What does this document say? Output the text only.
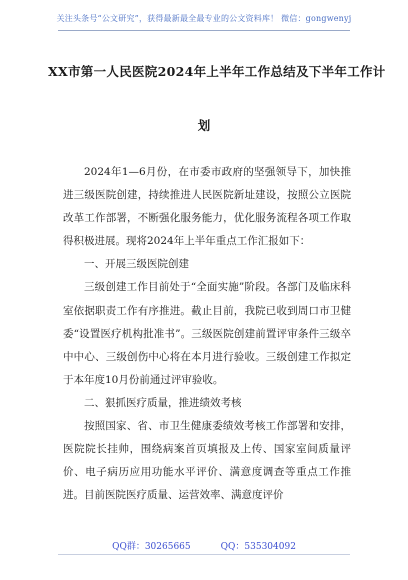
关注头条号“公文研究”，获得最新最全最专业的公文资料库！ 微信：gongwenyj
XX市第一人民医院2024年上半年工作总结及下半年工作计
划

2024年1—6月份，在市委市政府的坚强领导下，加快推进三级医院创建，持续推进人民医院新址建设，按照公立医院改革工作部署，不断强化服务能力，优化服务流程各项工作取得积极进展。现将2024年上半年重点工作汇报如下：

一、开展三级医院创建

三级创建工作目前处于“全面实施”阶段。各部门及临床科室依据职责工作有序推进。截止目前，我院已收到周口市卫健委“设置医疗机构批准书”。三级医院创建前置评审条件三级卒中中心、三级创伤中心将在本月进行验收。三级创建工作拟定于本年度10月份前通过评审验收。

二、狠抓医疗质量，推进绩效考核

按照国家、省、市卫生健康委绩效考核工作部署和安排，医院院长挂帅，围绕病案首页填报及上传、国家室间质量评价、电子病历应用功能水平评价、满意度调查等重点工作推进。目前医院医疗质量、运营效率、满意度评价

QQ群：30265665	QQ：535304092
